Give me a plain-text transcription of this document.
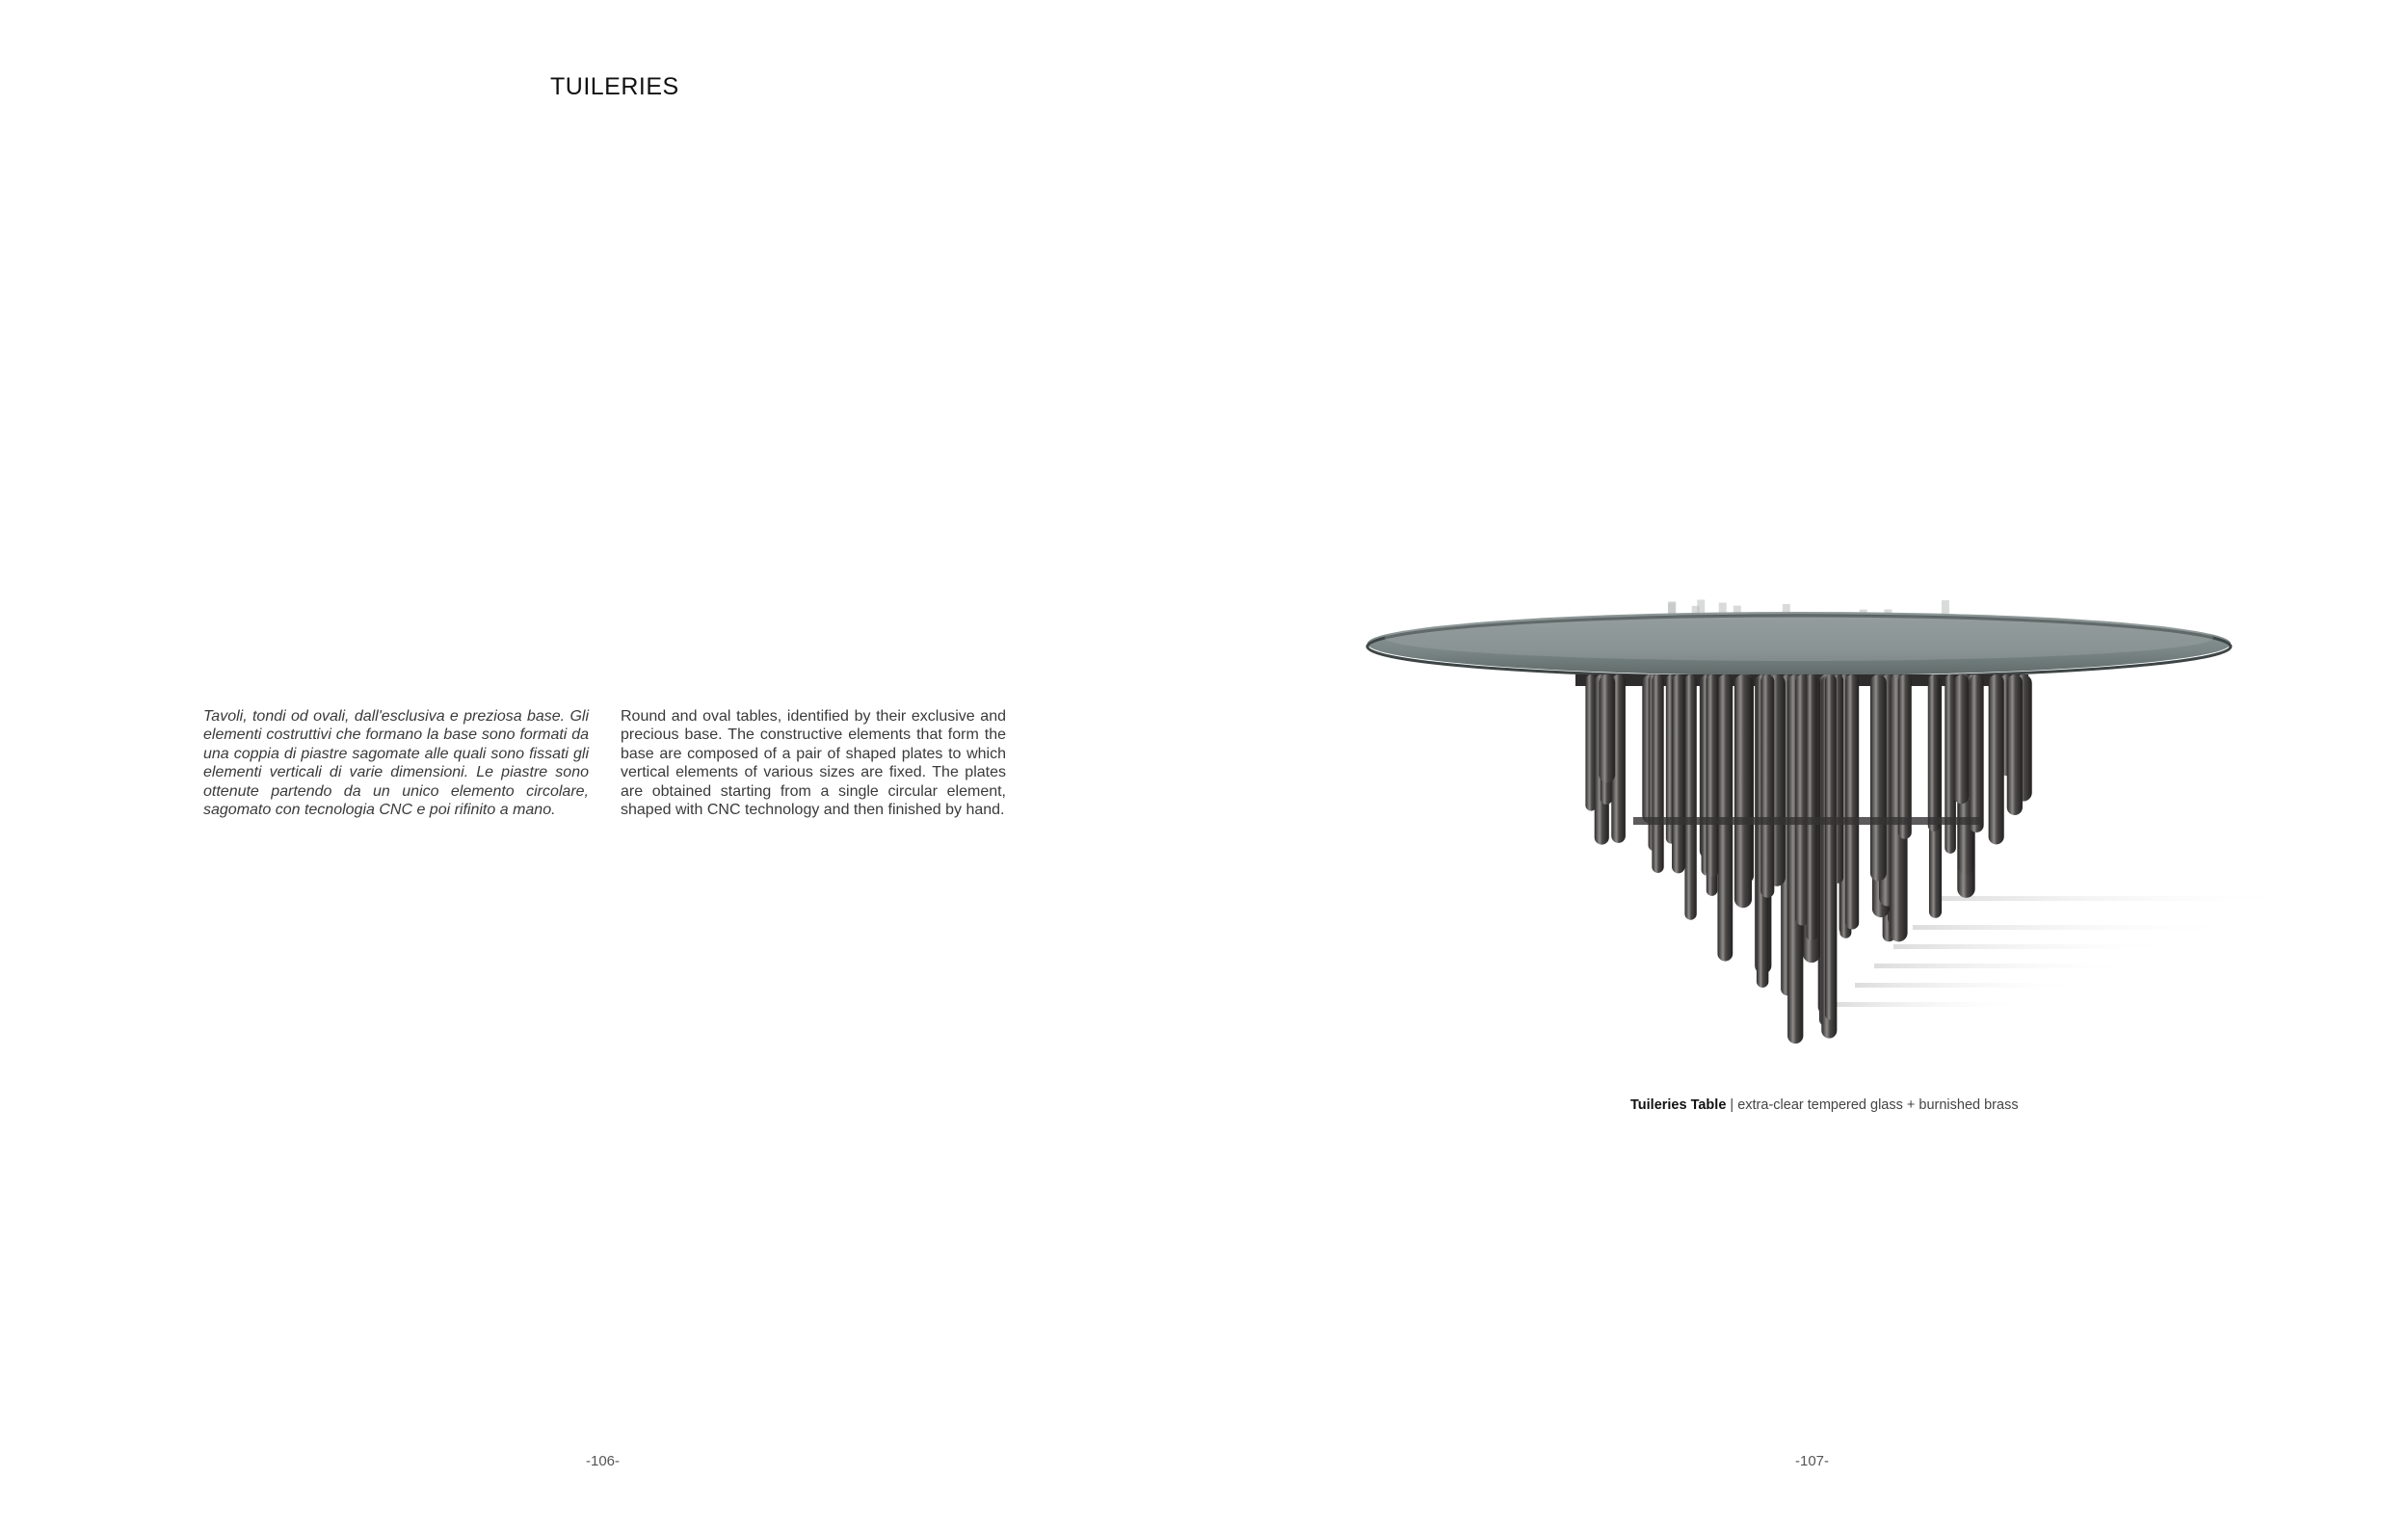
TUILERIES

Tavoli, tondi od ovali, dall'esclusiva e preziosa base. Gli elementi costruttivi che formano la base sono formati da una coppia di piastre sagomate alle quali sono fissati gli elementi verticali di varie dimensioni. Le piastre sono ottenute partendo da un unico elemento circolare, sagomato con tecnologia CNC e poi rifinito a mano.

Round and oval tables, identified by their exclusive and precious base. The constructive elements that form the base are composed of a pair of shaped plates to which vertical elements of various sizes are fixed. The plates are obtained starting from a single circular element, shaped with CNC technology and then finished by hand.

-106-
Tuileries Table | extra-clear tempered glass + burnished brass
-107-
